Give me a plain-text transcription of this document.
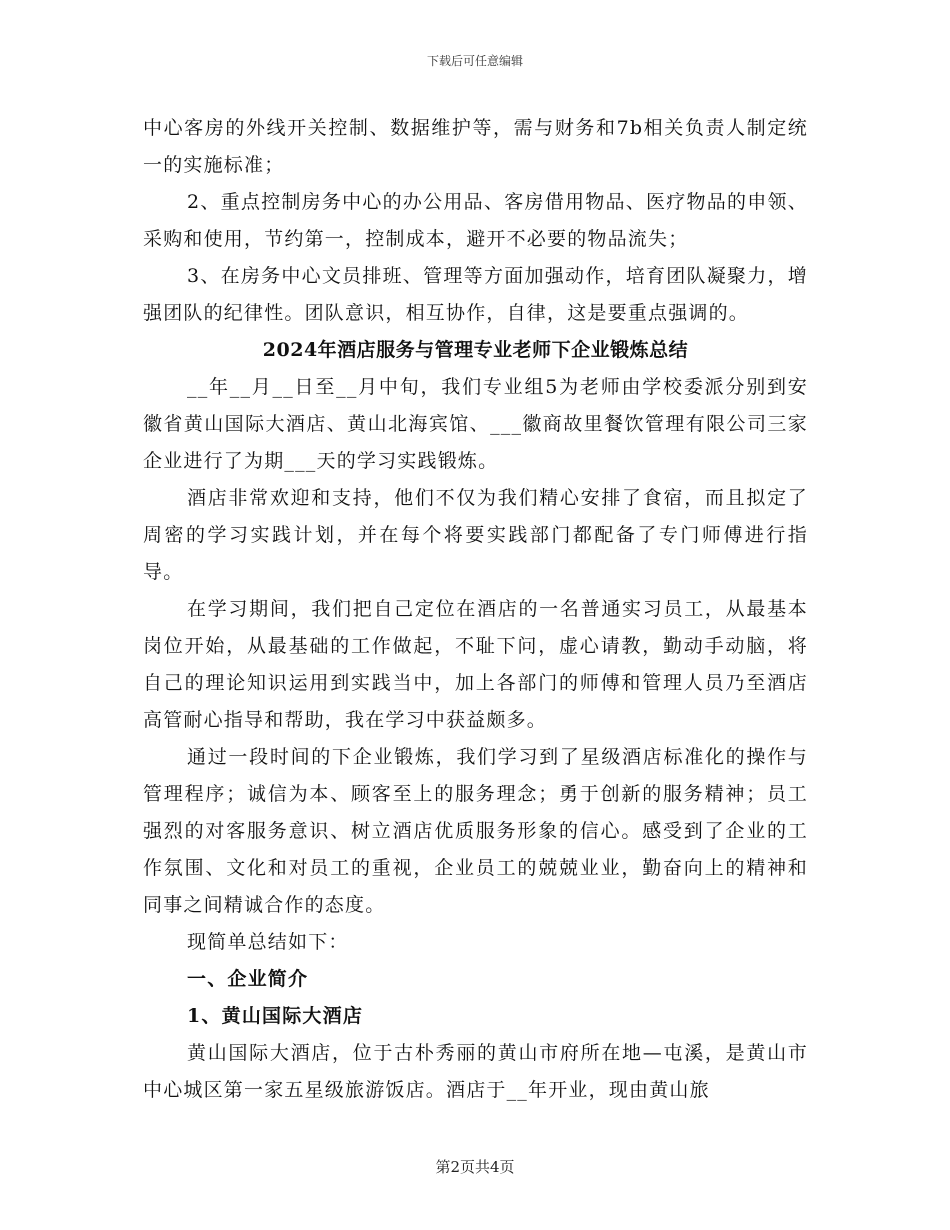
下载后可任意编辑

中心客房的外线开关控制、数据维护等，需与财务和7b相关负责人制定统一的实施标准；

2、重点控制房务中心的办公用品、客房借用物品、医疗物品的申领、采购和使用，节约第一，控制成本，避开不必要的物品流失；

3、在房务中心文员排班、管理等方面加强动作，培育团队凝聚力，增强团队的纪律性。团队意识，相互协作，自律，这是要重点强调的。

2024年酒店服务与管理专业老师下企业锻炼总结

__年__月__日至__月中旬，我们专业组5为老师由学校委派分别到安徽省黄山国际大酒店、黄山北海宾馆、___徽商故里餐饮管理有限公司三家企业进行了为期___天的学习实践锻炼。

酒店非常欢迎和支持，他们不仅为我们精心安排了食宿，而且拟定了周密的学习实践计划，并在每个将要实践部门都配备了专门师傅进行指导。

在学习期间，我们把自己定位在酒店的一名普通实习员工，从最基本岗位开始，从最基础的工作做起，不耻下问，虚心请教，勤动手动脑，将自己的理论知识运用到实践当中，加上各部门的师傅和管理人员乃至酒店高管耐心指导和帮助，我在学习中获益颇多。

通过一段时间的下企业锻炼，我们学习到了星级酒店标准化的操作与管理程序；诚信为本、顾客至上的服务理念；勇于创新的服务精神；员工强烈的对客服务意识、树立酒店优质服务形象的信心。感受到了企业的工作氛围、文化和对员工的重视，企业员工的兢兢业业，勤奋向上的精神和同事之间精诚合作的态度。

现简单总结如下：

一、企业简介

1、黄山国际大酒店

黄山国际大酒店，位于古朴秀丽的黄山市府所在地—屯溪，是黄山市中心城区第一家五星级旅游饭店。酒店于__年开业，现由黄山旅

第2页共4页
